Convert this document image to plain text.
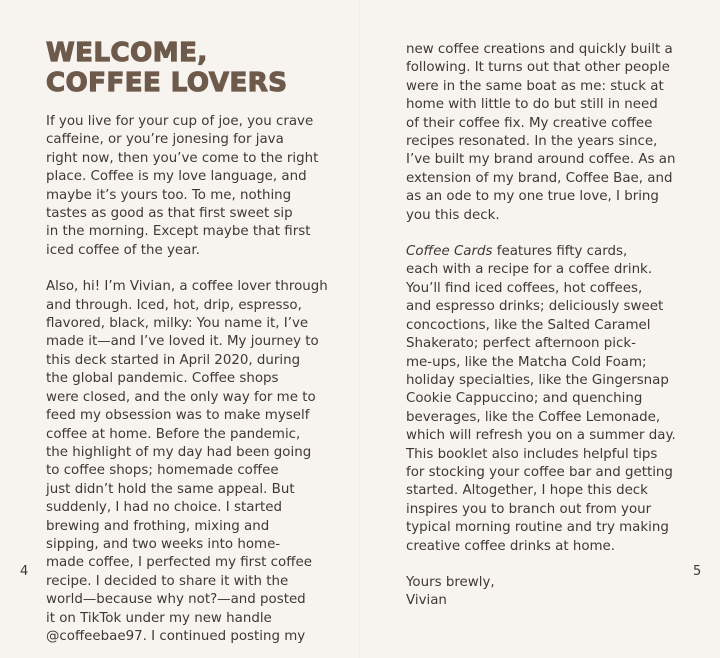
WELCOME,
COFFEE LOVERS

If you live for your cup of joe, you crave
caffeine, or you’re jonesing for java
right now, then you’ve come to the right
place. Coffee is my love language, and
maybe it’s yours too. To me, nothing
tastes as good as that first sweet sip
in the morning. Except maybe that first
iced coffee of the year.

Also, hi! I’m Vivian, a coffee lover through
and through. Iced, hot, drip, espresso,
flavored, black, milky: You name it, I’ve
made it—and I’ve loved it. My journey to
this deck started in April 2020, during
the global pandemic. Coffee shops
were closed, and the only way for me to
feed my obsession was to make myself
coffee at home. Before the pandemic,
the highlight of my day had been going
to coffee shops; homemade coffee
just didn’t hold the same appeal. But
suddenly, I had no choice. I started
brewing and frothing, mixing and
sipping, and two weeks into home-
made coffee, I perfected my first coffee
recipe. I decided to share it with the
world—because why not?—and posted
it on TikTok under my new handle
@coffeebae97. I continued posting my

4

new coffee creations and quickly built a
following. It turns out that other people
were in the same boat as me: stuck at
home with little to do but still in need
of their coffee fix. My creative coffee
recipes resonated. In the years since,
I’ve built my brand around coffee. As an
extension of my brand, Coffee Bae, and
as an ode to my one true love, I bring
you this deck.

Coffee Cards features fifty cards,
each with a recipe for a coffee drink.
You’ll find iced coffees, hot coffees,
and espresso drinks; deliciously sweet
concoctions, like the Salted Caramel
Shakerato; perfect afternoon pick-
me-ups, like the Matcha Cold Foam;
holiday specialties, like the Gingersnap
Cookie Cappuccino; and quenching
beverages, like the Coffee Lemonade,
which will refresh you on a summer day.
This booklet also includes helpful tips
for stocking your coffee bar and getting
started. Altogether, I hope this deck
inspires you to branch out from your
typical morning routine and try making
creative coffee drinks at home.

Yours brewly,
Vivian

5
